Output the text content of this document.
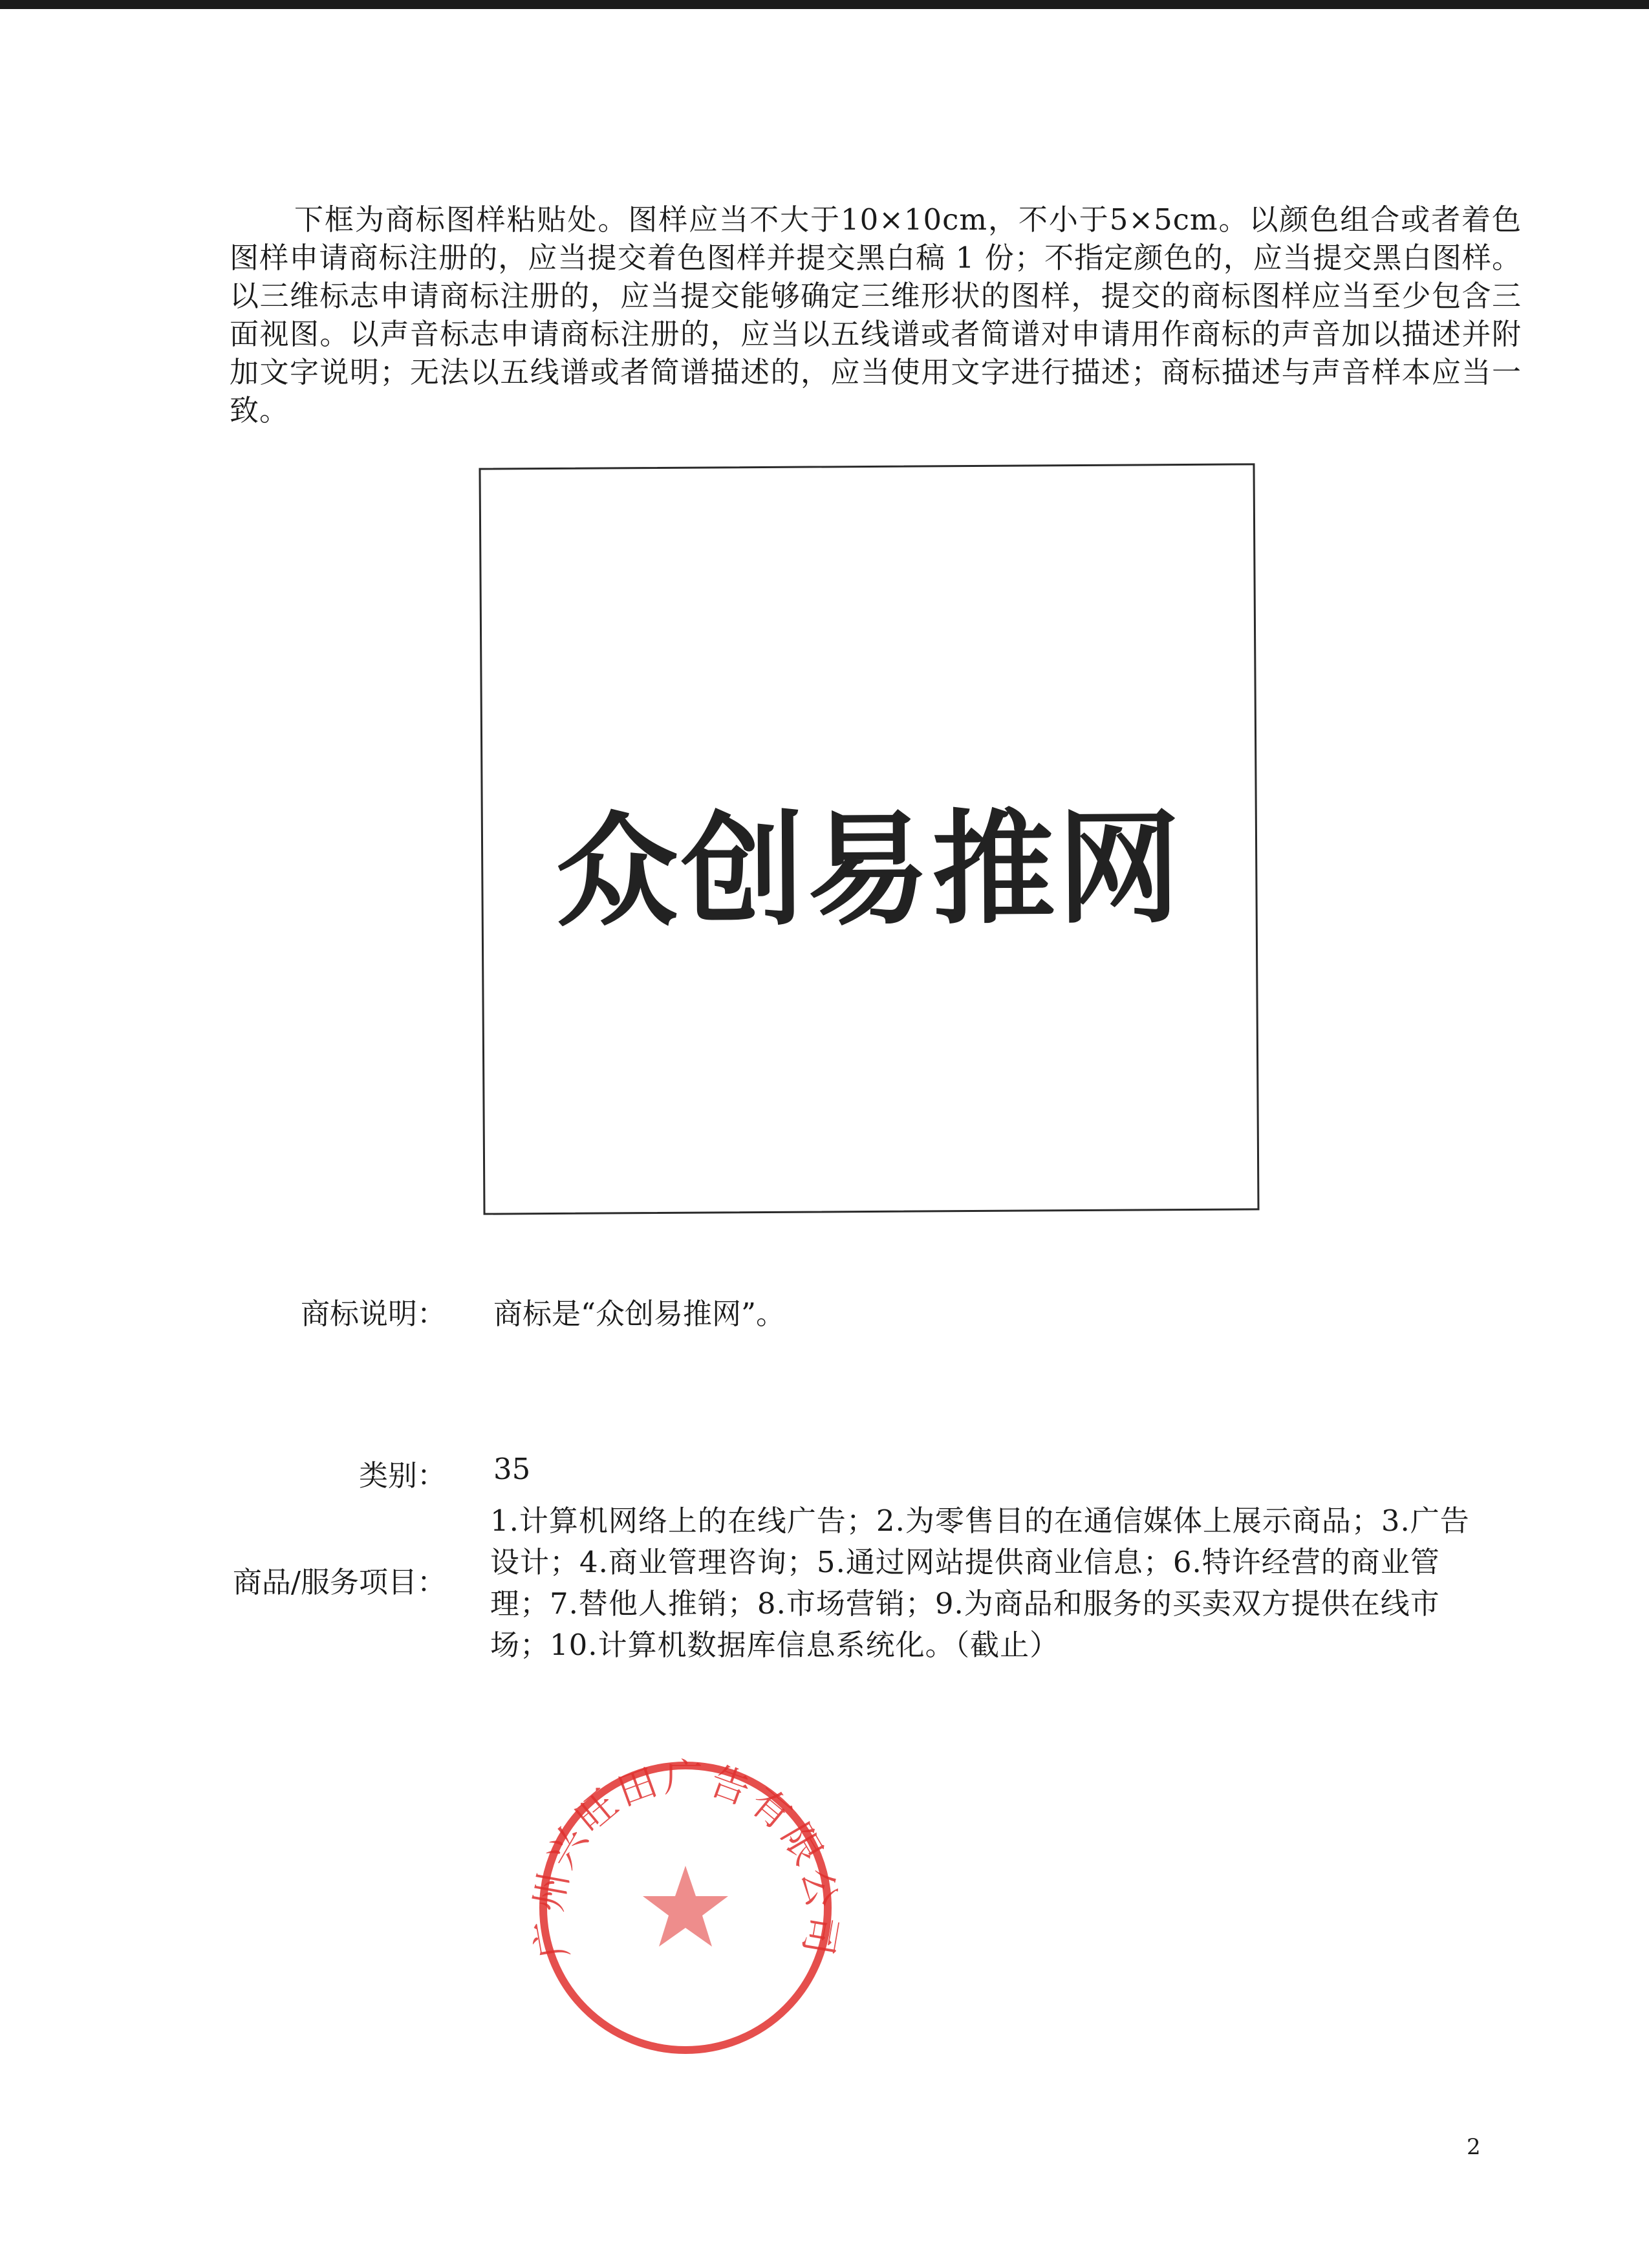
下框为商标图样粘贴处。图样应当不大于10×10cm，不小于5×5cm。以颜色组合或者着色图样申请商标注册的，应当提交着色图样并提交黑白稿 1 份；不指定颜色的，应当提交黑白图样。以三维标志申请商标注册的，应当提交能够确定三维形状的图样，提交的商标图样应当至少包含三面视图。以声音标志申请商标注册的，应当以五线谱或者简谱对申请用作商标的声音加以描述并附加文字说明；无法以五线谱或者简谱描述的，应当使用文字进行描述；商标描述与声音样本应当一致。

众创易推网
商标说明： 商标是“众创易推网”。
类别： 35
商品/服务项目：

1.计算机网络上的在线广告；2.为零售目的在通信媒体上展示商品；3.广告设计；4.商业管理咨询；5.通过网站提供商业信息；6.特许经营的商业管理；7.替他人推销；8.市场营销；9.为商品和服务的买卖双方提供在线市场；10.计算机数据库信息系统化。（截止）

广州兴旺田广告有限公司
2
